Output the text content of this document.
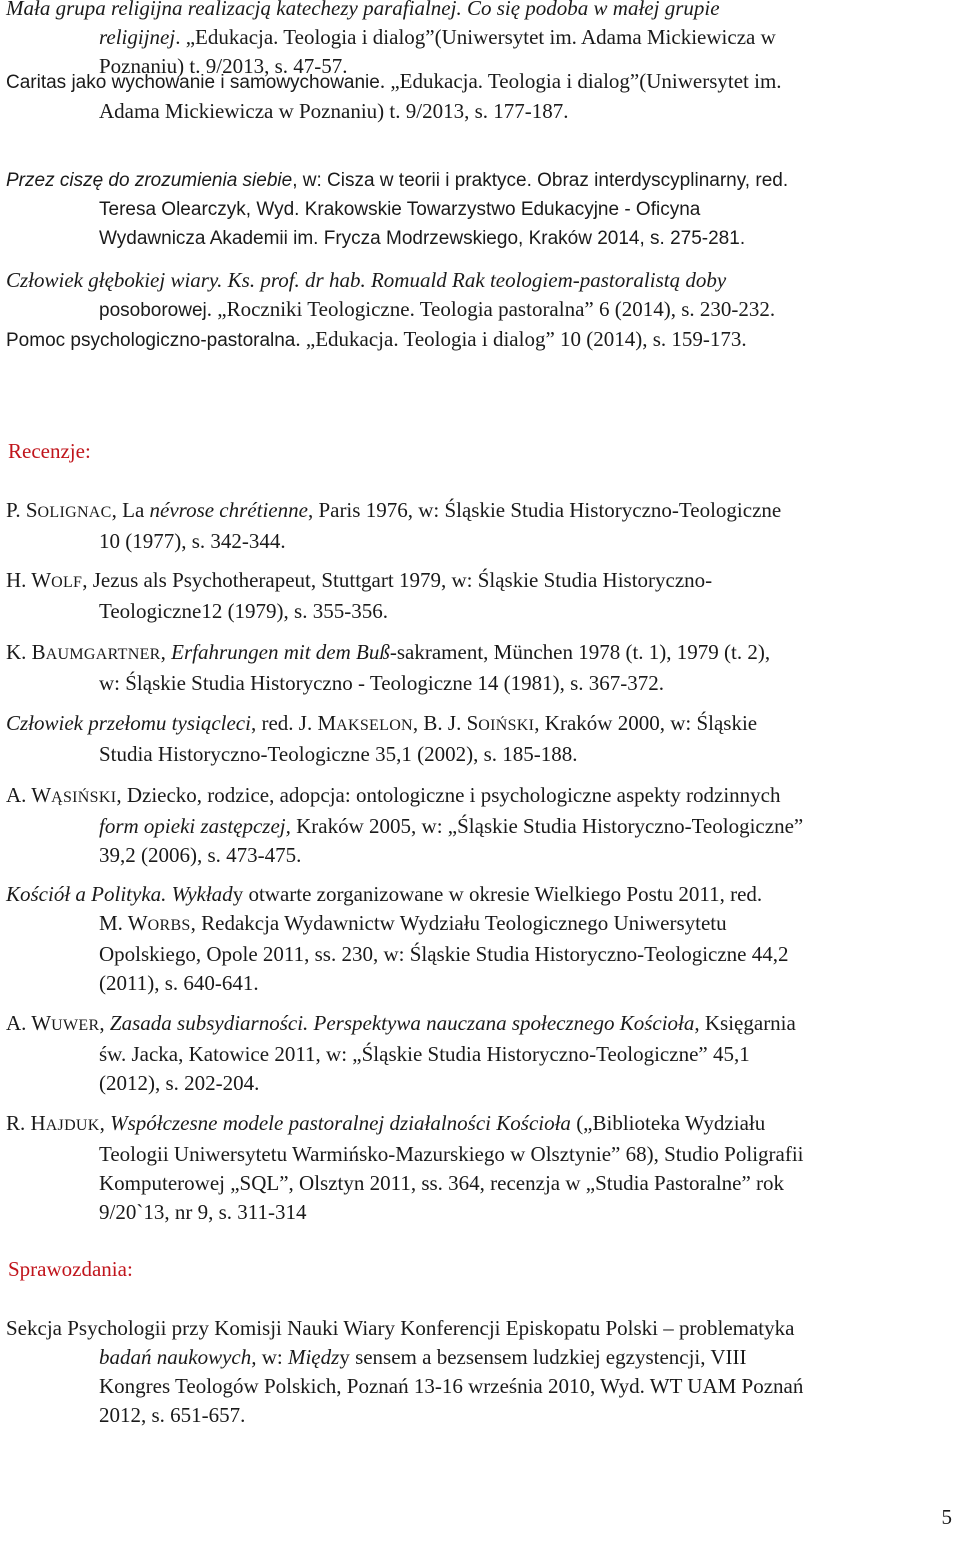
Mała grupa religijna realizacją katechezy parafialnej. Co się podoba w małej grupie
religijnej. „Edukacja. Teologia i dialog”(Uniwersytet im. Adama Mickiewicza w
Poznaniu) t. 9/2013, s. 47-57.
Caritas jako wychowanie i samowychowanie. „Edukacja. Teologia i dialog”(Uniwersytet im.
Adama Mickiewicza w Poznaniu) t. 9/2013, s. 177-187.
Przez ciszę do zrozumienia siebie, w: Cisza w teorii i praktyce. Obraz interdyscyplinarny, red.
Teresa Olearczyk, Wyd. Krakowskie Towarzystwo Edukacyjne - Oficyna
Wydawnicza Akademii im. Frycza Modrzewskiego, Kraków 2014, s. 275-281.
Człowiek głębokiej wiary. Ks. prof. dr hab. Romuald Rak teologiem-pastoralistą doby
posoborowej. „Roczniki Teologiczne. Teologia pastoralna” 6 (2014), s. 230-232.
Pomoc psychologiczno-pastoralna. „Edukacja. Teologia i dialog” 10 (2014), s. 159-173.
Recenzje:
P. SOLIGNAC, La névrose chrétienne, Paris 1976, w: Śląskie Studia Historyczno-Teologiczne
10 (1977), s. 342-344.
H. WOLF, Jezus als Psychotherapeut, Stuttgart 1979, w: Śląskie Studia Historyczno-
Teologiczne12 (1979), s. 355-356.
K. BAUMGARTNER, Erfahrungen mit dem Buß-sakrament, München 1978 (t. 1), 1979 (t. 2),
w: Śląskie Studia Historyczno - Teologiczne 14 (1981), s. 367-372.
Człowiek przełomu tysiącleci, red. J. MAKSELON, B. J. SOIŃSKI, Kraków 2000, w: Śląskie
Studia Historyczno-Teologiczne 35,1 (2002), s. 185-188.
A. WĄSIŃSKI, Dziecko, rodzice, adopcja: ontologiczne i psychologiczne aspekty rodzinnych
form opieki zastępczej, Kraków 2005, w: „Śląskie Studia Historyczno-Teologiczne”
39,2 (2006), s. 473-475.
Kościół a Polityka. Wykłady otwarte zorganizowane w okresie Wielkiego Postu 2011, red.
M. WORBS, Redakcja Wydawnictw Wydziału Teologicznego Uniwersytetu
Opolskiego, Opole 2011, ss. 230, w: Śląskie Studia Historyczno-Teologiczne 44,2
(2011), s. 640-641.
A. WUWER, Zasada subsydiarności. Perspektywa nauczana społecznego Kościoła, Księgarnia
św. Jacka, Katowice 2011, w: „Śląskie Studia Historyczno-Teologiczne” 45,1
(2012), s. 202-204.
R. HAJDUK, Współczesne modele pastoralnej działalności Kościoła („Biblioteka Wydziału
Teologii Uniwersytetu Warmińsko-Mazurskiego w Olsztynie” 68), Studio Poligrafii
Komputerowej „SQL”, Olsztyn 2011, ss. 364, recenzja w „Studia Pastoralne” rok
9/20`13, nr 9, s. 311-314
Sprawozdania:
Sekcja Psychologii przy Komisji Nauki Wiary Konferencji Episkopatu Polski – problematyka
badań naukowych, w: Między sensem a bezsensem ludzkiej egzystencji, VIII
Kongres Teologów Polskich, Poznań 13-16 września 2010, Wyd. WT UAM Poznań
2012, s. 651-657.
5
